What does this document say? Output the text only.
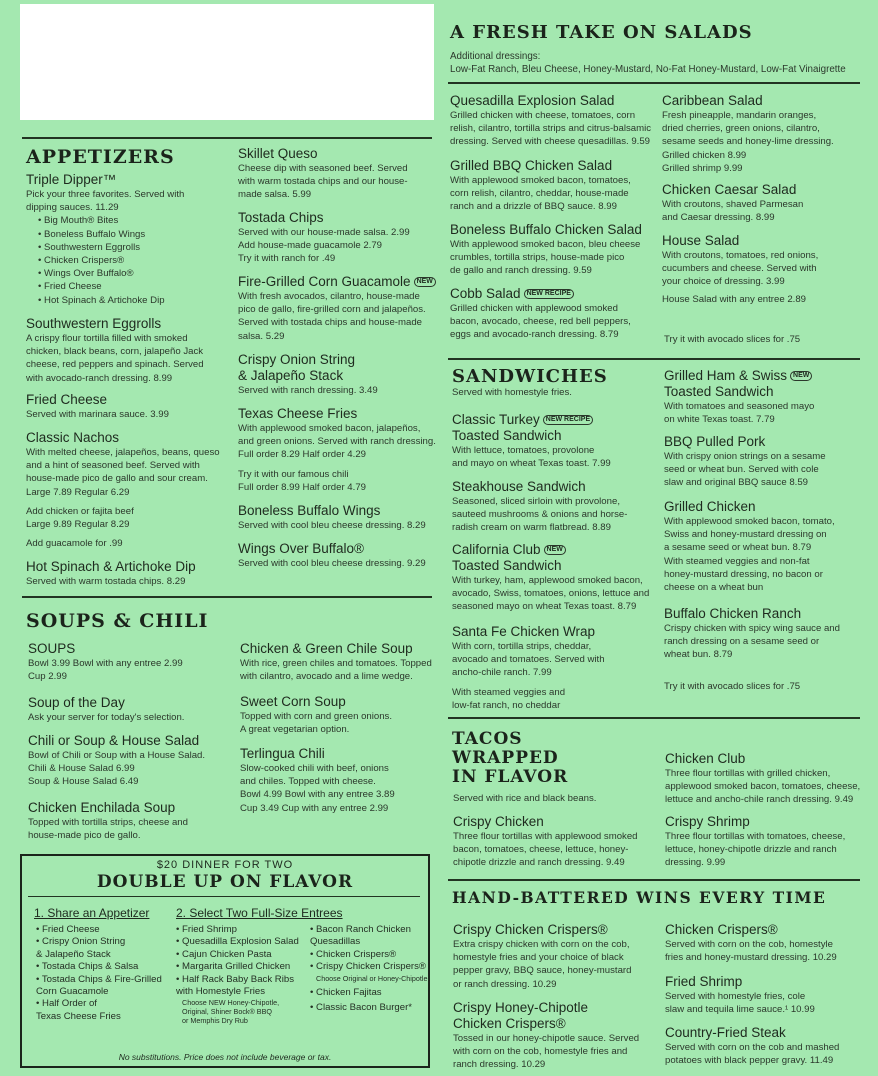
A FRESH TAKE ON SALADS
Additional dressings:
Low-Fat Ranch, Bleu Cheese, Honey-Mustard, No-Fat Honey-Mustard, Low-Fat Vinaigrette
Quesadilla Explosion Salad
Grilled chicken with cheese, tomatoes, corn
relish, cilantro, tortilla strips and citrus-balsamic
dressing. Served with cheese quesadillas. 9.59
Grilled BBQ Chicken Salad
With applewood smoked bacon, tomatoes,
corn relish, cilantro, cheddar, house-made
ranch and a drizzle of BBQ sauce. 8.99
Boneless Buffalo Chicken Salad
With applewood smoked bacon, bleu cheese
crumbles, tortilla strips, house-made pico
de gallo and ranch dressing. 9.59
Cobb Salad NEW RECIPE
Grilled chicken with applewood smoked
bacon, avocado, cheese, red bell peppers,
eggs and avocado-ranch dressing. 8.79
Caribbean Salad
Fresh pineapple, mandarin oranges,
dried cherries, green onions, cilantro,
sesame seeds and honey-lime dressing.
Grilled chicken 8.99
Grilled shrimp 9.99
Chicken Caesar Salad
With croutons, shaved Parmesan
and Caesar dressing. 8.99
House Salad
With croutons, tomatoes, red onions,
cucumbers and cheese. Served with
your choice of dressing. 3.99
APPETIZERS
Triple Dipper™
Pick your three favorites. Served with
dipping sauces. 11.29
• Big Mouth® Bites
• Boneless Buffalo Wings
• Southwestern Eggrolls
• Chicken Crispers®
• Wings Over Buffalo®
• Fried Cheese
• Hot Spinach & Artichoke Dip
Southwestern Eggrolls
A crispy flour tortilla filled with smoked
chicken, black beans, corn, jalapeño Jack
cheese, red peppers and spinach. Served
with avocado-ranch dressing. 8.99
Fried Cheese
Served with marinara sauce. 3.99
Classic Nachos
With melted cheese, jalapeños, beans, queso
and a hint of seasoned beef. Served with
house-made pico de gallo and sour cream.
Large 7.89 Regular 6.29
Add chicken or fajita beef
Large 9.89 Regular 8.29
Add guacamole for .99
Hot Spinach & Artichoke Dip
Served with warm tostada chips. 8.29
Skillet Queso
Cheese dip with seasoned beef. Served
with warm tostada chips and our house-
made salsa. 5.99
Tostada Chips
Served with our house-made salsa. 2.99
Add house-made guacamole 2.79
Try it with ranch for .49
Fire-Grilled Corn Guacamole NEW
With fresh avocados, cilantro, house-made
pico de gallo, fire-grilled corn and jalapeños.
Served with tostada chips and house-made
salsa. 5.29
Crispy Onion String
& Jalapeño Stack
Served with ranch dressing. 3.49
Texas Cheese Fries
With applewood smoked bacon, jalapeños,
and green onions. Served with ranch dressing.
Full order 8.29 Half order 4.29
Try it with our famous chili
Full order 8.99 Half order 4.79
Boneless Buffalo Wings
Served with cool bleu cheese dressing. 8.29
Wings Over Buffalo®
Served with cool bleu cheese dressing. 9.29
SANDWICHES
Served with homestyle fries.
Classic Turkey NEW RECIPE
Toasted Sandwich
With lettuce, tomatoes, provolone
and mayo on wheat Texas toast. 7.99
Steakhouse Sandwich
Seasoned, sliced sirloin with provolone,
sauteed mushrooms & onions and horse-
radish cream on warm flatbread. 8.89
California Club NEW
Toasted Sandwich
With turkey, ham, applewood smoked bacon,
avocado, Swiss, tomatoes, onions, lettuce and
seasoned mayo on wheat Texas toast. 8.79
Santa Fe Chicken Wrap
With corn, tortilla strips, cheddar,
avocado and tomatoes. Served with
ancho-chile ranch. 7.99
With steamed veggies and
low-fat ranch, no cheddar
Grilled Ham & Swiss NEW
Toasted Sandwich
With tomatoes and seasoned mayo
on white Texas toast. 7.79
BBQ Pulled Pork
With crispy onion strings on a sesame
seed or wheat bun. Served with cole
slaw and original BBQ sauce 8.59
Grilled Chicken
With applewood smoked bacon, tomato,
Swiss and honey-mustard dressing on
a sesame seed or wheat bun. 8.79
With steamed veggies and non-fat
honey-mustard dressing, no bacon or
cheese on a wheat bun
Buffalo Chicken Ranch
Crispy chicken with spicy wing sauce and
ranch dressing on a sesame seed or
wheat bun. 8.79
SOUPS & CHILI
SOUPS
Bowl 3.99 Bowl with any entree 2.99
Cup 2.99
Soup of the Day
Ask your server for today's selection.
Chili or Soup & House Salad
Bowl of Chili or Soup with a House Salad.
Chili & House Salad 6.99
Soup & House Salad 6.49
Chicken Enchilada Soup
Topped with tortilla strips, cheese and
house-made pico de gallo.
Chicken & Green Chile Soup
With rice, green chiles and tomatoes. Topped
with cilantro, avocado and a lime wedge.
Sweet Corn Soup
Topped with corn and green onions.
A great vegetarian option.
Terlingua Chili
Slow-cooked chili with beef, onions
and chiles. Topped with cheese.
Bowl 4.99 Bowl with any entree 3.89
Cup 3.49 Cup with any entree 2.99
TACOS
WRAPPED
IN FLAVOR
Served with rice and black beans.
Crispy Chicken
Three flour tortillas with applewood smoked
bacon, tomatoes, cheese, lettuce, honey-
chipotle drizzle and ranch dressing. 9.49
Chicken Club
Three flour tortillas with grilled chicken,
applewood smoked bacon, tomatoes, cheese,
lettuce and ancho-chile ranch dressing. 9.49
Crispy Shrimp
Three flour tortillas with tomatoes, cheese,
lettuce, honey-chipotle drizzle and ranch
dressing. 9.99
HAND-BATTERED WINS EVERY TIME
Crispy Chicken Crispers®
Extra crispy chicken with corn on the cob,
homestyle fries and your choice of black
pepper gravy, BBQ sauce, honey-mustard
or ranch dressing. 10.29
Crispy Honey-Chipotle
Chicken Crispers®
Tossed in our honey-chipotle sauce. Served
with corn on the cob, homestyle fries and
ranch dressing. 10.29
Chicken Crispers®
Served with corn on the cob, homestyle
fries and honey-mustard dressing. 10.29
Fried Shrimp
Served with homestyle fries, cole
slaw and tequila lime sauce.¹ 10.99
Country-Fried Steak
Served with corn on the cob and mashed
potatoes with black pepper gravy. 11.49
$20 DINNER FOR TWO
DOUBLE UP ON FLAVOR
1. Share an Appetizer 2. Select Two Full-Size Entrees
• Fried Cheese
• Crispy Onion String
& Jalapeño Stack
• Tostada Chips & Salsa
• Tostada Chips & Fire-Grilled
Corn Guacamole
• Half Order of
Texas Cheese Fries
• Fried Shrimp
• Quesadilla Explosion Salad
• Cajun Chicken Pasta
• Margarita Grilled Chicken
• Half Rack Baby Back Ribs
with Homestyle Fries
Choose NEW Honey-Chipotle,
Original, Shiner Bock® BBQ
or Memphis Dry Rub
• Bacon Ranch Chicken
Quesadillas
• Chicken Crispers®
• Crispy Chicken Crispers®
Choose Original or Honey-Chipotle
• Chicken Fajitas
• Classic Bacon Burger*
No substitutions. Price does not include beverage or tax.
House Salad with any entree 2.89
Try it with avocado slices for .75
Try it with avocado slices for .75
